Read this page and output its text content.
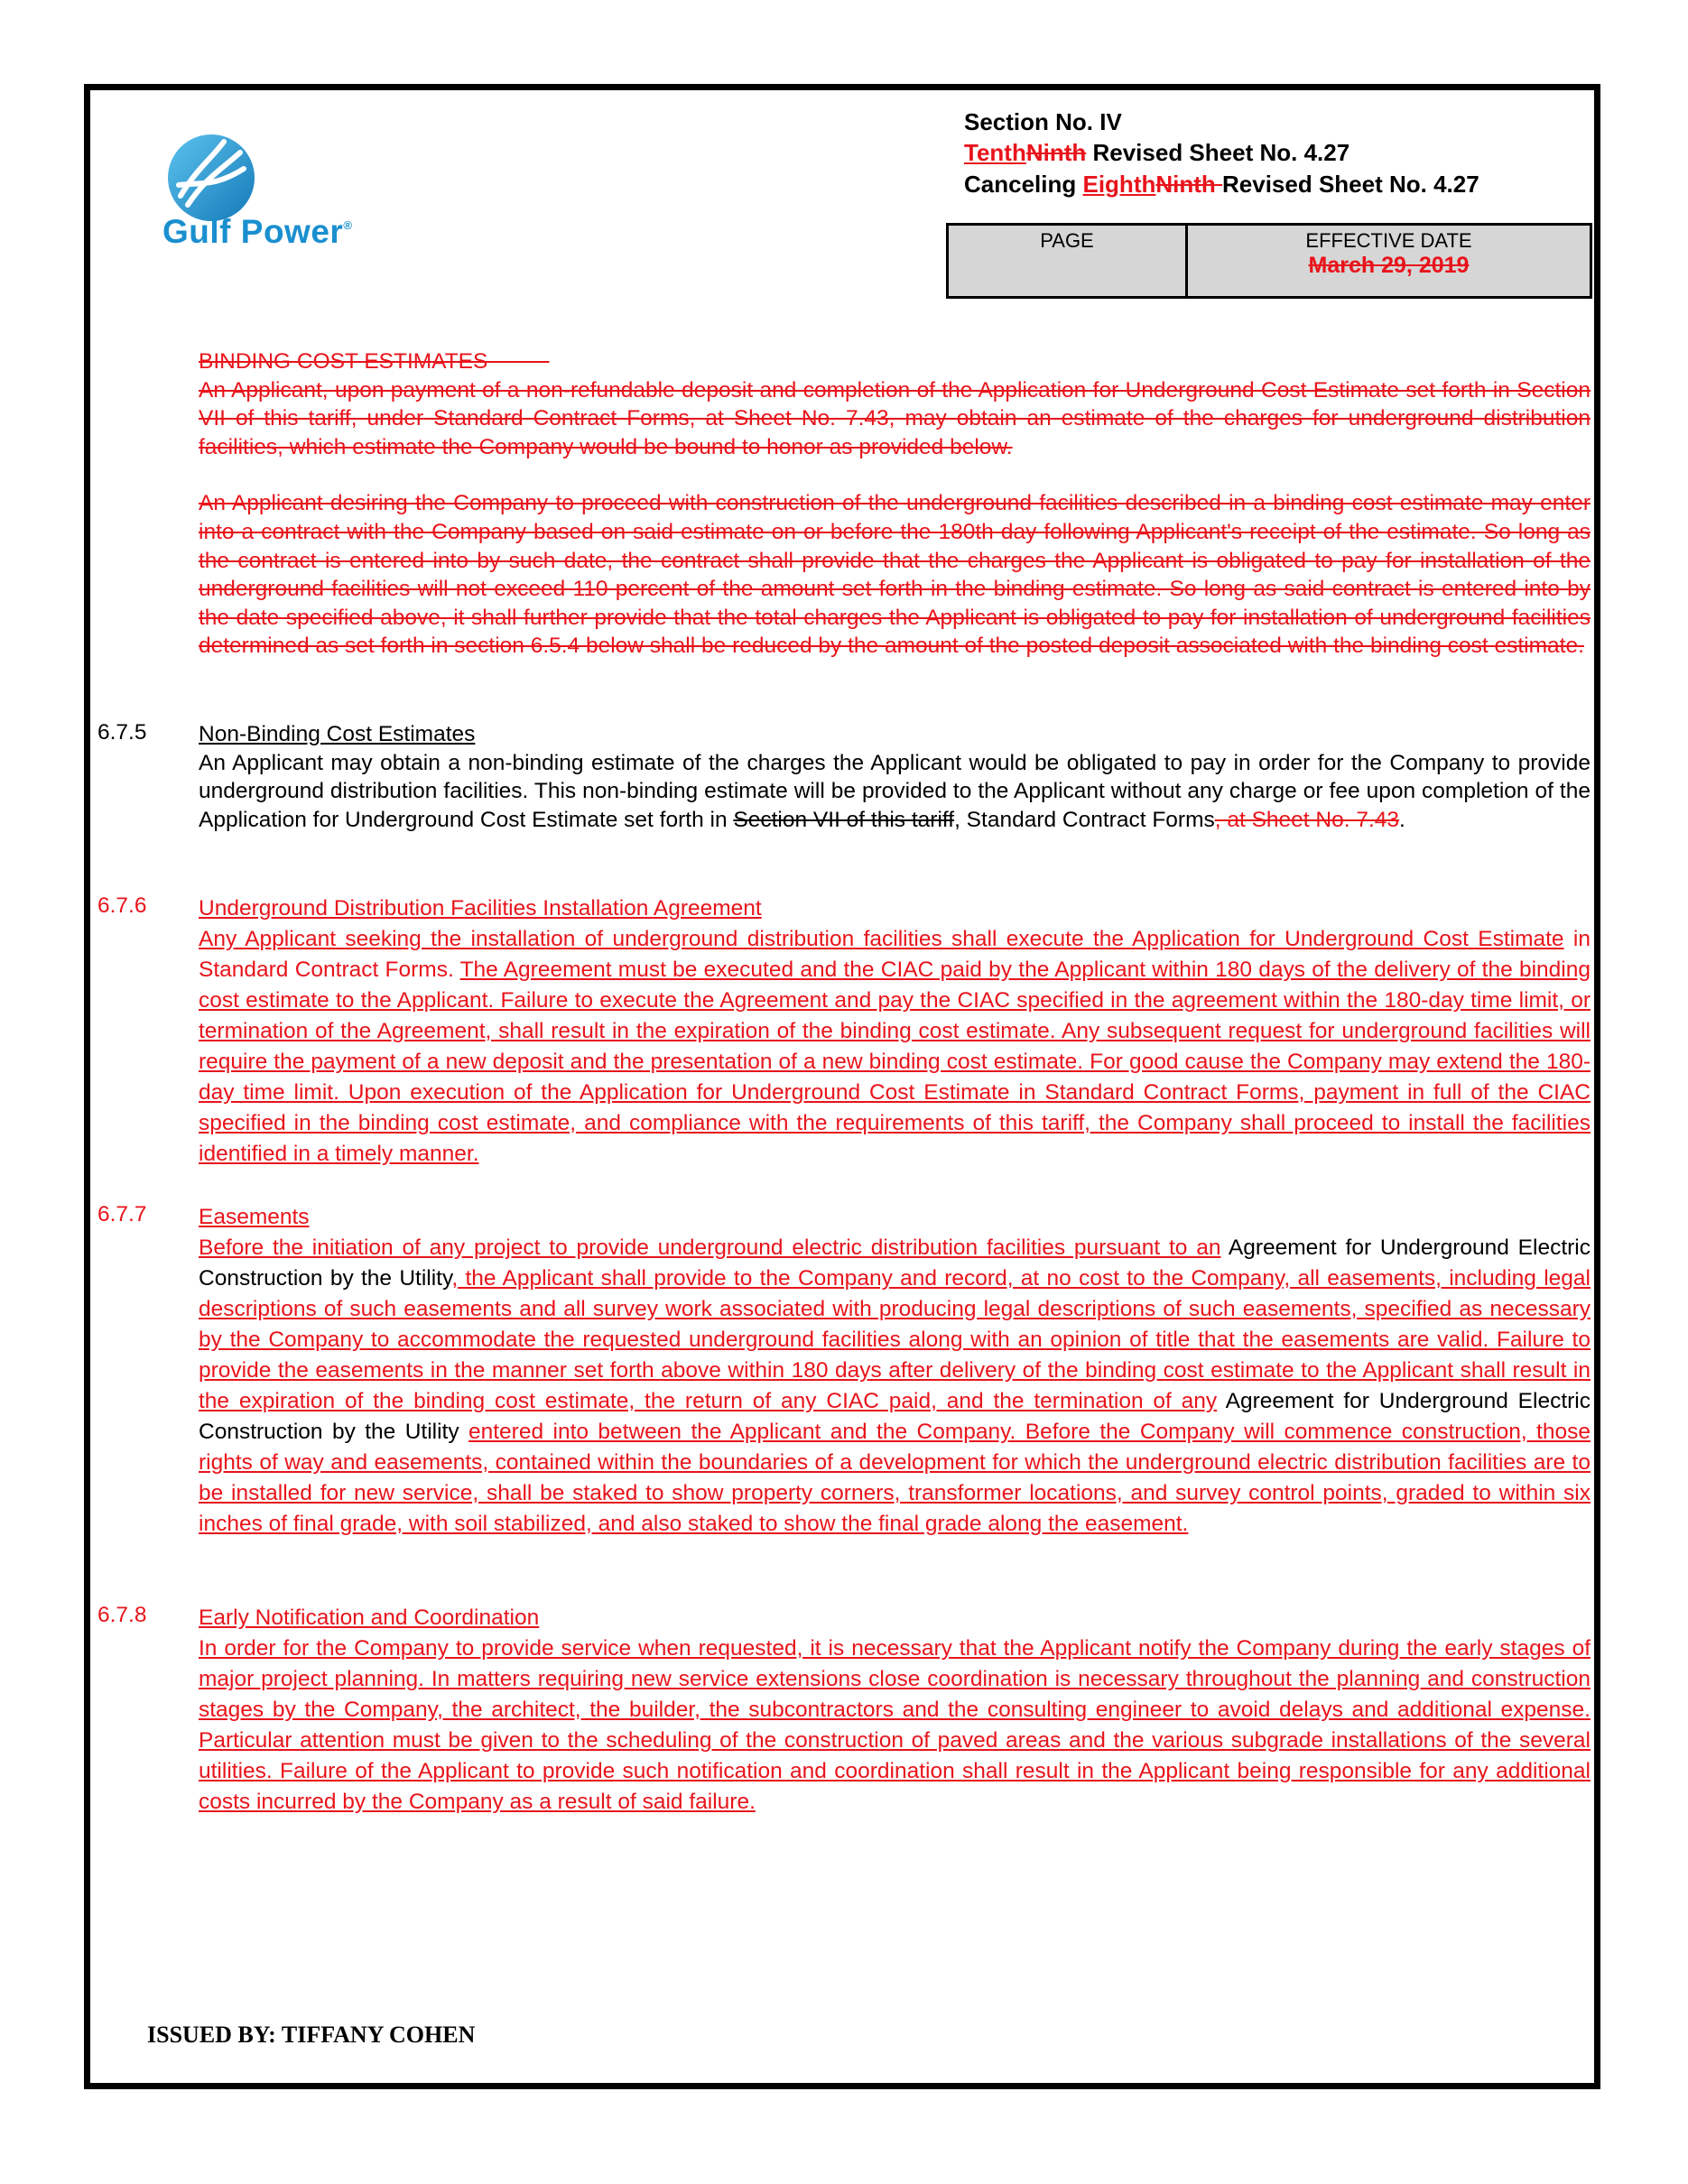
Gulf Power®
Section No. IV
TenthNinth Revised Sheet No. 4.27
Canceling EighthNinth Revised Sheet No. 4.27
PAGE	EFFECTIVE DATE
March 29, 2019

BINDING COST ESTIMATES

An Applicant, upon payment of a non-refundable deposit and completion of the Application for Underground Cost Estimate set forth in Section VII of this tariff, under Standard Contract Forms, at Sheet No. 7.43, may obtain an estimate of the charges for underground distribution facilities, which estimate the Company would be bound to honor as provided below.

An Applicant desiring the Company to proceed with construction of the underground facilities described in a binding cost estimate may enter into a contract with the Company based on said estimate on or before the 180th day following Applicant's receipt of the estimate. So long as the contract is entered into by such date, the contract shall provide that the charges the Applicant is obligated to pay for installation of the underground facilities will not exceed 110 percent of the amount set forth in the binding estimate. So long as said contract is entered into by the date specified above, it shall further provide that the total charges the Applicant is obligated to pay for installation of underground facilities determined as set forth in section 6.5.4 below shall be reduced by the amount of the posted deposit associated with the binding cost estimate.

6.7.5 Non-Binding Cost Estimates

An Applicant may obtain a non-binding estimate of the charges the Applicant would be obligated to pay in order for the Company to provide underground distribution facilities. This non-binding estimate will be provided to the Applicant without any charge or fee upon completion of the Application for Underground Cost Estimate set forth in Section VII of this tariff, Standard Contract Forms, at Sheet No. 7.43.

6.7.6 Underground Distribution Facilities Installation Agreement

Any Applicant seeking the installation of underground distribution facilities shall execute the Application for Underground Cost Estimate in Standard Contract Forms. The Agreement must be executed and the CIAC paid by the Applicant within 180 days of the delivery of the binding cost estimate to the Applicant. Failure to execute the Agreement and pay the CIAC specified in the agreement within the 180-day time limit, or termination of the Agreement, shall result in the expiration of the binding cost estimate. Any subsequent request for underground facilities will require the payment of a new deposit and the presentation of a new binding cost estimate. For good cause the Company may extend the 180-day time limit. Upon execution of the Application for Underground Cost Estimate in Standard Contract Forms, payment in full of the CIAC specified in the binding cost estimate, and compliance with the requirements of this tariff, the Company shall proceed to install the facilities identified in a timely manner.

6.7.7 Easements

Before the initiation of any project to provide underground electric distribution facilities pursuant to an Agreement for Underground Electric Construction by the Utility, the Applicant shall provide to the Company and record, at no cost to the Company, all easements, including legal descriptions of such easements and all survey work associated with producing legal descriptions of such easements, specified as necessary by the Company to accommodate the requested underground facilities along with an opinion of title that the easements are valid. Failure to provide the easements in the manner set forth above within 180 days after delivery of the binding cost estimate to the Applicant shall result in the expiration of the binding cost estimate, the return of any CIAC paid, and the termination of any Agreement for Underground Electric Construction by the Utility entered into between the Applicant and the Company. Before the Company will commence construction, those rights of way and easements, contained within the boundaries of a development for which the underground electric distribution facilities are to be installed for new service, shall be staked to show property corners, transformer locations, and survey control points, graded to within six inches of final grade, with soil stabilized, and also staked to show the final grade along the easement.

6.7.8 Early Notification and Coordination

In order for the Company to provide service when requested, it is necessary that the Applicant notify the Company during the early stages of major project planning. In matters requiring new service extensions close coordination is necessary throughout the planning and construction stages by the Company, the architect, the builder, the subcontractors and the consulting engineer to avoid delays and additional expense. Particular attention must be given to the scheduling of the construction of paved areas and the various subgrade installations of the several utilities. Failure of the Applicant to provide such notification and coordination shall result in the Applicant being responsible for any additional costs incurred by the Company as a result of said failure.

ISSUED BY: TIFFANY COHEN
